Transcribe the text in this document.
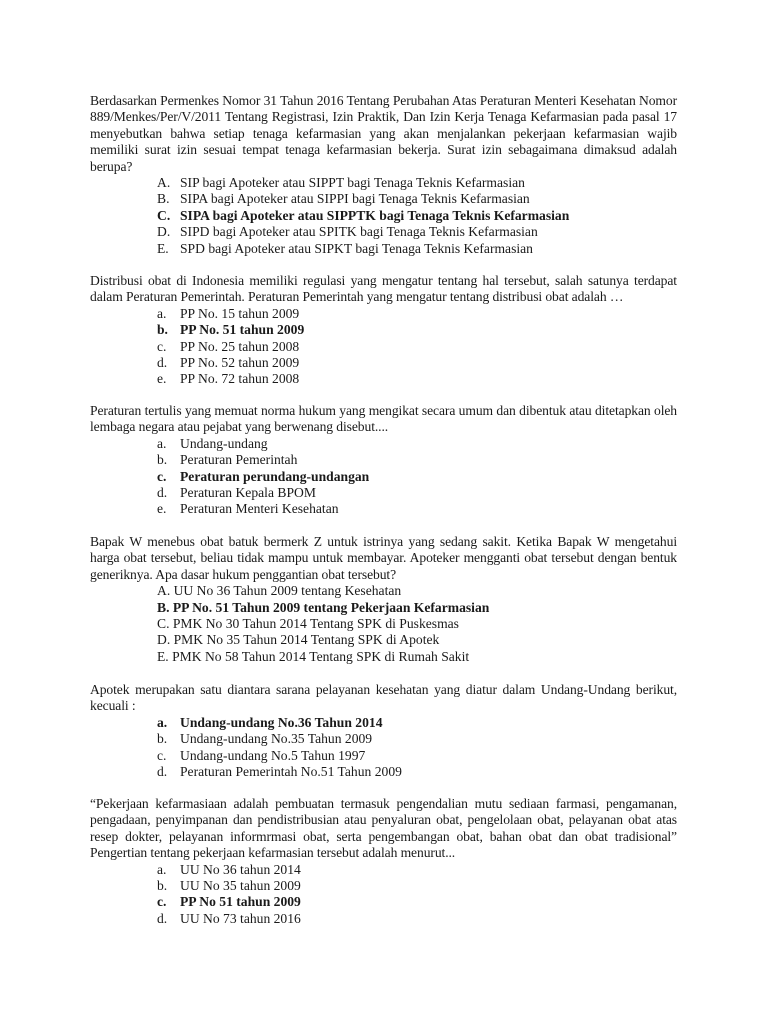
Berdasarkan Permenkes Nomor 31 Tahun 2016 Tentang Perubahan Atas Peraturan Menteri Kesehatan Nomor 889/Menkes/Per/V/2011 Tentang Registrasi, Izin Praktik, Dan Izin Kerja Tenaga Kefarmasian pada pasal 17 menyebutkan bahwa setiap tenaga kefarmasian yang akan menjalankan pekerjaan kefarmasian wajib memiliki surat izin sesuai tempat tenaga kefarmasian bekerja. Surat izin sebagaimana dimaksud adalah berupa?

A. SIP bagi Apoteker atau SIPPT bagi Tenaga Teknis Kefarmasian
B. SIPA bagi Apoteker atau SIPPI bagi Tenaga Teknis Kefarmasian
C. SIPA bagi Apoteker atau SIPPTK bagi Tenaga Teknis Kefarmasian
D. SIPD bagi Apoteker atau SPITK bagi Tenaga Teknis Kefarmasian
E. SPD bagi Apoteker atau SIPKT bagi Tenaga Teknis Kefarmasian

Distribusi obat di Indonesia memiliki regulasi yang mengatur tentang hal tersebut, salah satunya terdapat dalam Peraturan Pemerintah. Peraturan Pemerintah yang mengatur tentang distribusi obat adalah …

a. PP No. 15 tahun 2009
b. PP No. 51 tahun 2009
c. PP No. 25 tahun 2008
d. PP No. 52 tahun 2009
e. PP No. 72 tahun 2008

Peraturan tertulis yang memuat norma hukum yang mengikat secara umum dan dibentuk atau ditetapkan oleh lembaga negara atau pejabat yang berwenang disebut....

a. Undang-undang
b. Peraturan Pemerintah
c. Peraturan perundang-undangan
d. Peraturan Kepala BPOM
e. Peraturan Menteri Kesehatan

Bapak W menebus obat batuk bermerk Z untuk istrinya yang sedang sakit. Ketika Bapak W mengetahui harga obat tersebut, beliau tidak mampu untuk membayar. Apoteker mengganti obat tersebut dengan bentuk generiknya. Apa dasar hukum penggantian obat tersebut?

A. UU No 36 Tahun 2009 tentang Kesehatan
B. PP No. 51 Tahun 2009 tentang Pekerjaan Kefarmasian
C. PMK No 30 Tahun 2014 Tentang SPK di Puskesmas
D. PMK No 35 Tahun 2014 Tentang SPK di Apotek
E. PMK No 58 Tahun 2014 Tentang SPK di Rumah Sakit

Apotek merupakan satu diantara sarana pelayanan kesehatan yang diatur dalam Undang-Undang berikut, kecuali :

a. Undang-undang No.36 Tahun 2014
b. Undang-undang No.35 Tahun 2009
c. Undang-undang No.5 Tahun 1997
d. Peraturan Pemerintah No.51 Tahun 2009

“Pekerjaan kefarmasiaan adalah pembuatan termasuk pengendalian mutu sediaan farmasi, pengamanan, pengadaan, penyimpanan dan pendistribusian atau penyaluran obat, pengelolaan obat, pelayanan obat atas resep dokter, pelayanan informrmasi obat, serta pengembangan obat, bahan obat dan obat tradisional” Pengertian tentang pekerjaan kefarmasian tersebut adalah menurut...

a. UU No 36 tahun 2014
b. UU No 35 tahun 2009
c. PP No 51 tahun 2009
d. UU No 73 tahun 2016
